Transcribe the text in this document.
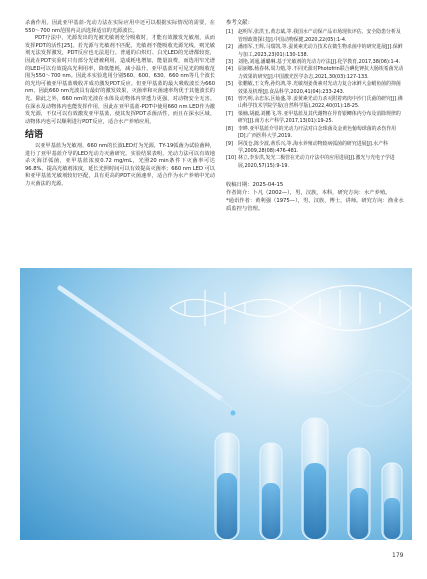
杀菌作用。因此亚甲基蓝-光动力法在实际应用中还可以根据实际情况的需要，在550～700 nm范围内灵活选择适宜的光源波长。

PDT疗法中，光源发出的光被光敏剂充分吸收时，才能有效激发光敏剂，从而发挥PDT的活性[25]。若光源与光敏剂不匹配，光敏剂不能吸收光源光线，则光敏剂无法发挥激发，PDT反应也无法进行。普通的白炽灯、白光LED的光谱都较宽，因此在PDT实验时只有部分光谱被利用，造成耗电增加，能量浪费，而选用窄光谱的LED可以有效提高光利用率，降低能耗，减小温升。亚甲基蓝对可见光的吸收范围为550～700 nm。因此本实验选用分别560、600、630、660 nm等几个波长的光均可被亚甲基蓝吸收并成功激发PDT反应。但亚甲基蓝的最大吸收波长为660 nm，因此660 nm光波具有最好的激发效果，灭菌率和灭菌速率均优于其他波长的光。除此之外，660 nm的光波在水体及动物体内穿透力更强，对动物安全无害。在深水及动物体内也能发挥作用，因此在亚甲基蓝-PDT中使用660 nm LED作为激发光源，不仅可以有效激发亚甲基蓝，使其发挥PDT杀菌活性，而且在深水区域、动物体内也可以顺利进行PDT反应，适合水产养殖应用。

结语

以亚甲基蓝为光敏剂、660 nm的长波LED灯为光源，TY-19弧菌为试验菌种，进行了亚甲基蓝介导的LED光动力灭菌研究。实验结果表明，光动力法可以有效地杀灭海洋弧菌，亚甲基蓝浓度0.72 mg/mL，光照20 min条件下灭菌率可达96.8%，提高光敏剂浓度，延长光照时间可以有效提高灭菌率；660 nm LED 可以和亚甲基蓝光敏剂较好匹配，具有更高的PDT灭菌速率，适合作为水产养殖中光动力灭菌法的光源。

参考文献：
[1]	赵明军,张洪玉,黄志斌,等.我国水产动保产品市场现状评估、安全隐患分析及管理政策探讨[J].中国动物保健,2020,22(05):1-4.
[2]	潘雨军,王辉,马瑞凯,等.蚕黄素光动力技术在微生物杀菌中的研究进展[J].保鲜与加工,2023,23(01):130-138.
[3]	刘艳,刘通,潘璐琳.基于光敏剂的光动力疗法[J].化学教育,2017,38(06):1-4.
[4]	屈丽娜,杨春林,周力勉,等.不同光源对Photofrin联合碘化钾抗大肠埃希菌光动力效果的研究[J].中国激光医学杂志,2021,30(03):127-133.
[5]	张鹏敏,王文秀,孙灼鸿,等.光敏剂姜黄素对光动力复合冰鲜大金鲳鱼菌的抑菌效果及机理[J].食品科学,2020,41(04):233-243.
[6]	曾巧明,余忠东,区灿盛,等.姜黄素光动力杀灭附着鸡肉中沙门氏菌的研究[J].佛山科学技术学院学报(自然科学版),2022,40(01):18-25.
[7]	梁楠,胡毅,刘鹏飞,等.亚甲基蓝及其代谢物在异育银鲫体内分布及消除规律的研究[J].南方水产科学,2017,13(01):19-25.
[8]	李晔.亚甲基蓝介导的光动力疗法对白念珠菌及金黄色葡萄球菌的杀伤作用[D].广西医科大学,2019.
[9]	阿茂仓,陈少波,蒂乐兴,等.海水养殖动物致病弧菌的研究进展[J].水产科学,2009,28(08):476-481.
[10] 林立,李步洪,发光二极管在光动力疗法中的应用进展[J].激光与光电子学进展,2020,57(15):9-19.
收稿日期：2025-04-15
作者简介：卜凡（2002—），男，汉族，本科，研究方向：水产养殖。
*通讯作者：黄利强（1975—），男，汉族，博士，讲师。研究方向：渔业水质监控与管理。
179
